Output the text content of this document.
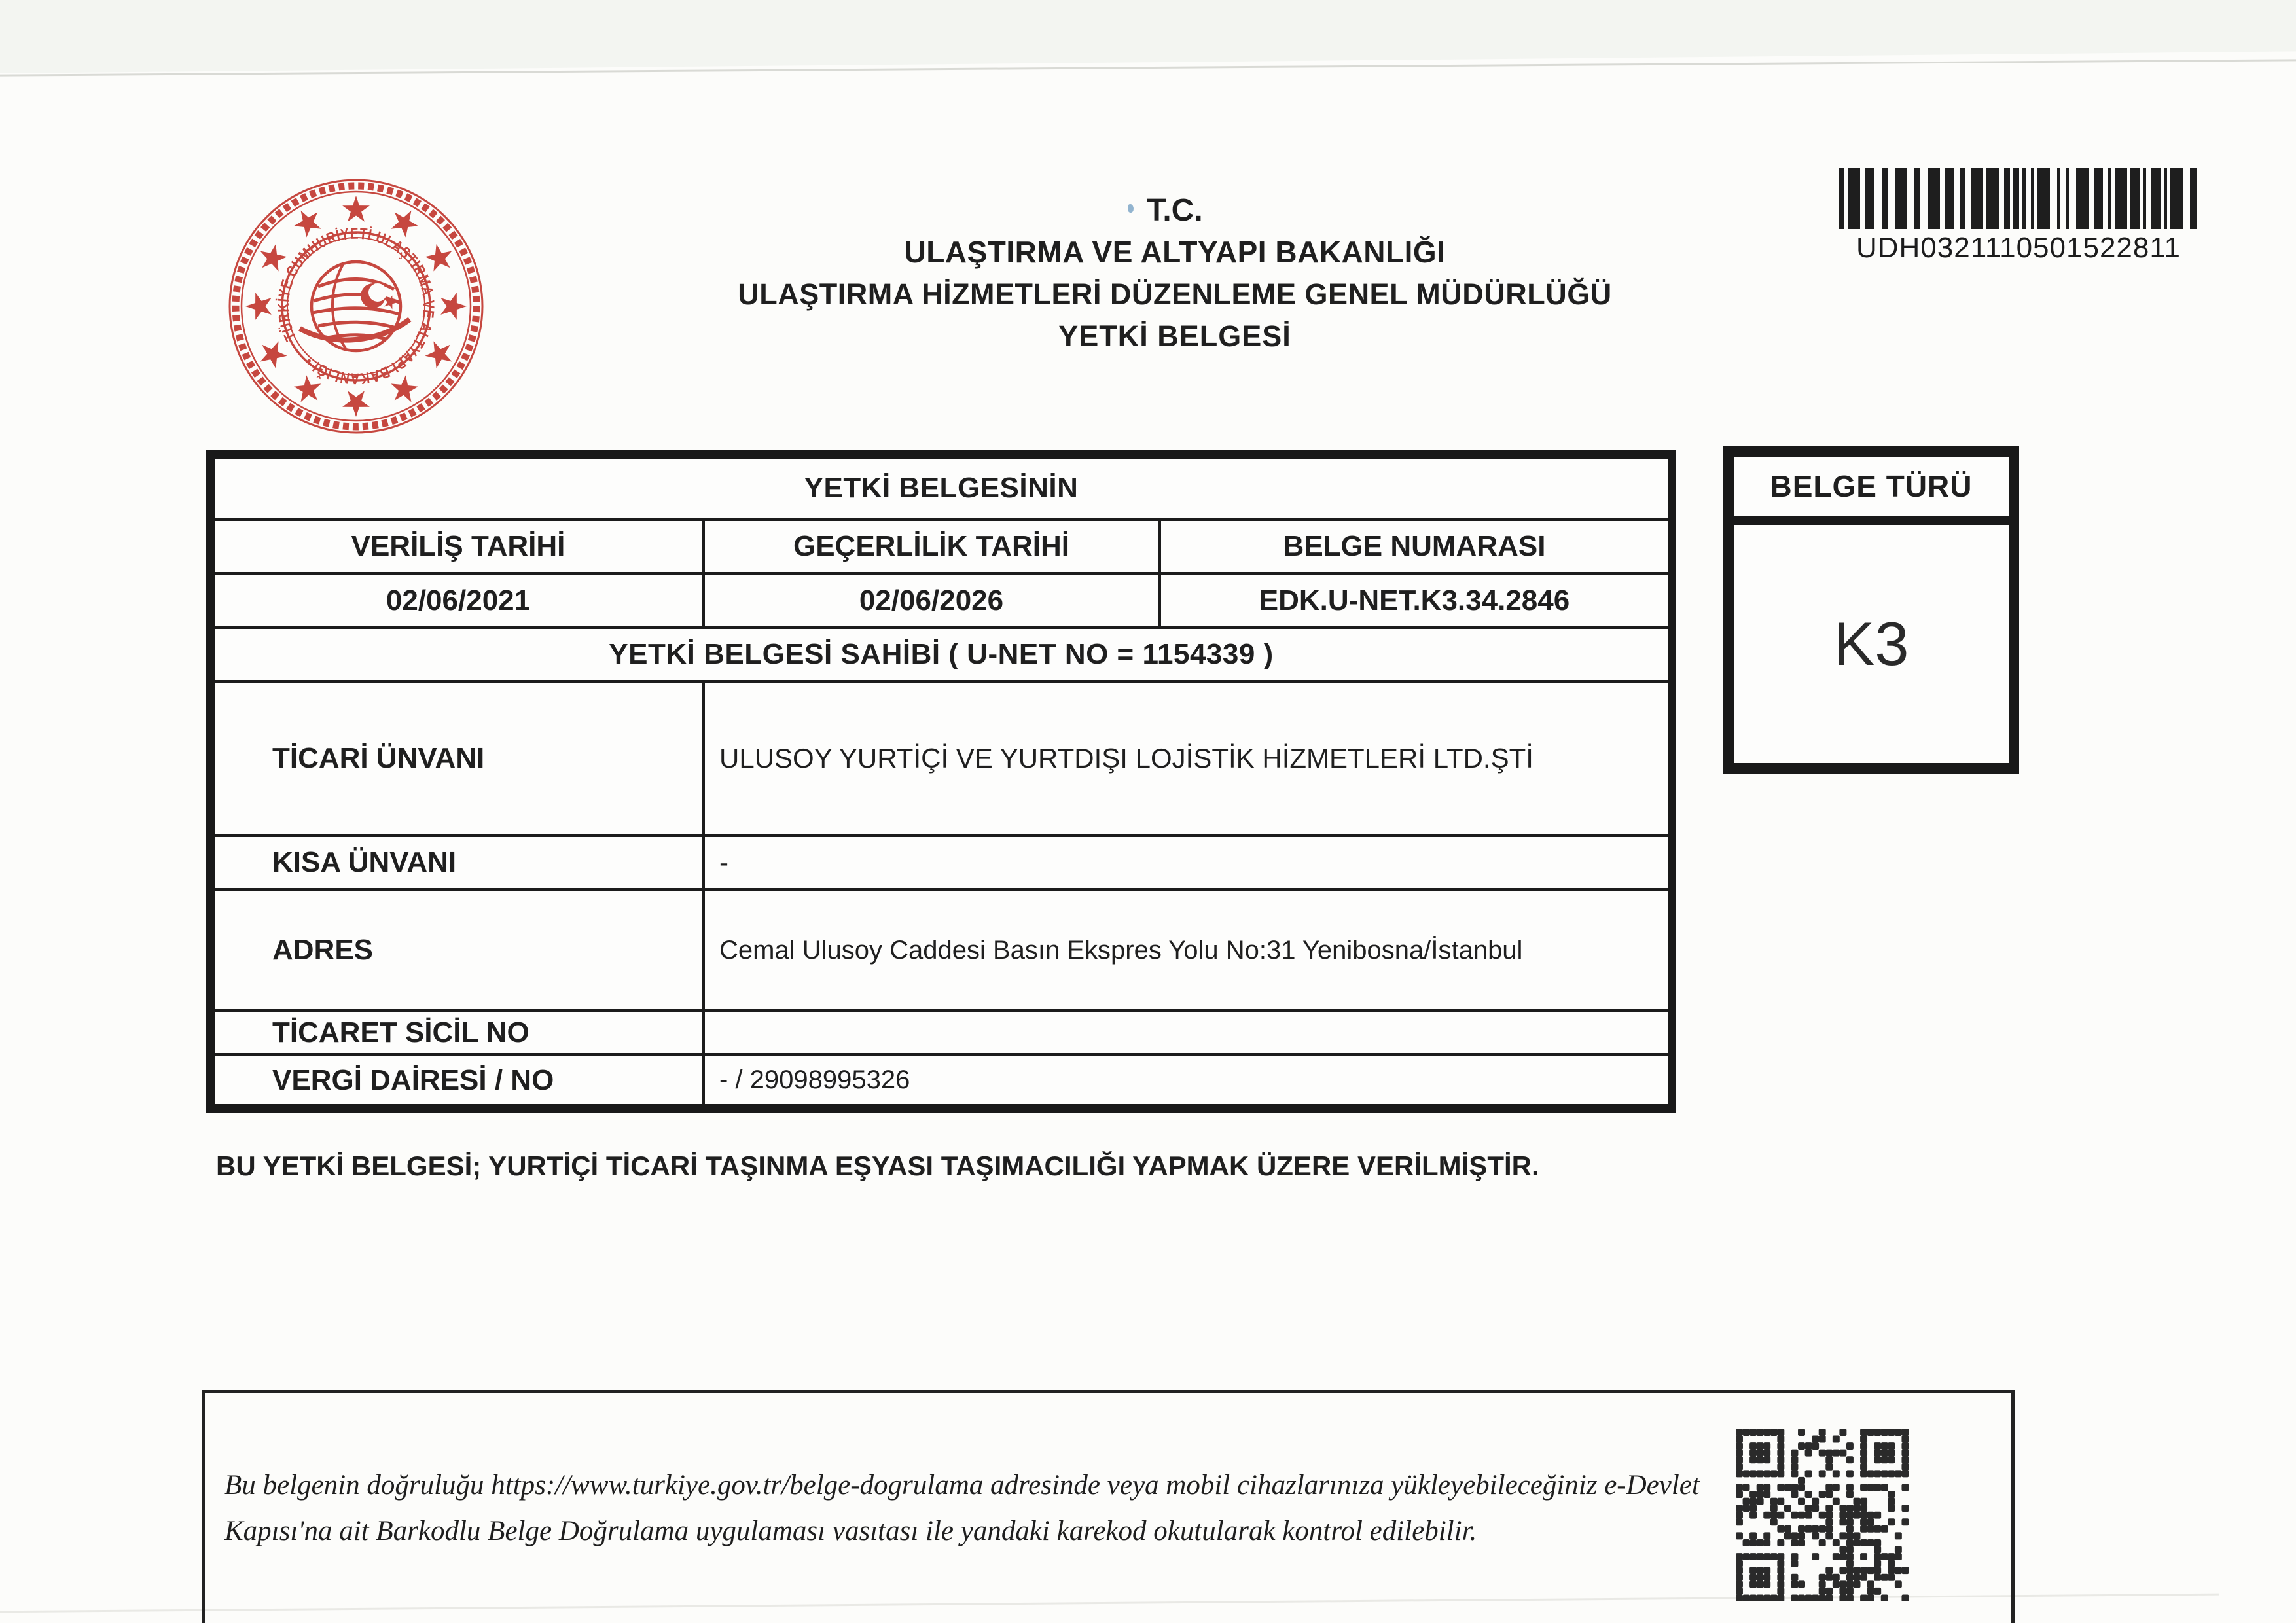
TÜRKİYE CUMHURİYETİ ULAŞTIRMA VE ALTYAPI BAKANLIĞI •
T.C.
ULAŞTIRMA VE ALTYAPI BAKANLIĞI
ULAŞTIRMA HİZMETLERİ DÜZENLEME GENEL MÜDÜRLÜĞÜ
YETKİ BELGESİ
UDH0321110501522811
YETKİ BELGESİNİN
VERİLİŞ TARİHİ	GEÇERLİLİK TARİHİ	BELGE NUMARASI
02/06/2021	02/06/2026	EDK.U-NET.K3.34.2846
YETKİ BELGESİ SAHİBİ ( U-NET NO = 1154339 )
TİCARİ ÜNVANI	ULUSOY YURTİÇİ VE YURTDIŞI LOJİSTİK HİZMETLERİ LTD.ŞTİ
KISA ÜNVANI	-
ADRES	Cemal Ulusoy Caddesi Basın Ekspres Yolu No:31 Yenibosna/İstanbul
TİCARET SİCİL NO
VERGİ DAİRESİ / NO	- / 29098995326
BELGE TÜRÜ
K3
BU YETKİ BELGESİ; YURTİÇİ TİCARİ TAŞINMA EŞYASI TAŞIMACILIĞI YAPMAK ÜZERE VERİLMİŞTİR.
Bu belgenin doğruluğu https://www.turkiye.gov.tr/belge-dogrulama adresinde veya mobil cihazlarınıza yükleyebileceğiniz e-Devlet
Kapısı'na ait Barkodlu Belge Doğrulama uygulaması vasıtası ile yandaki karekod okutularak kontrol edilebilir.
